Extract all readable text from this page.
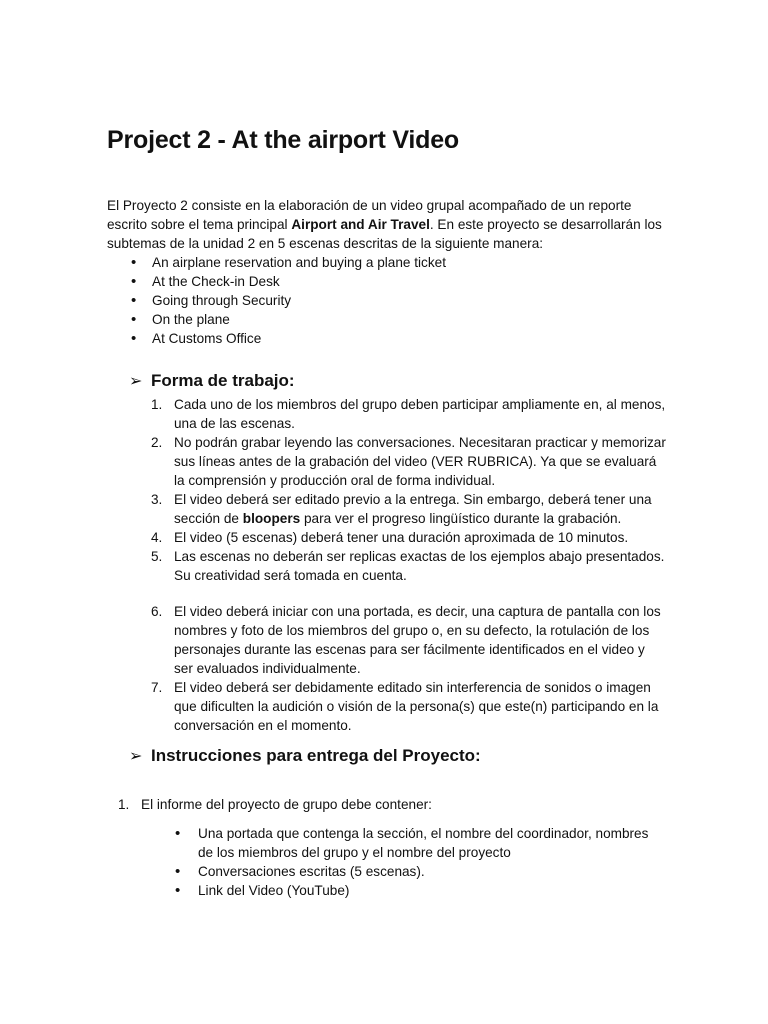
Project 2 - At the airport Video

El Proyecto 2 consiste en la elaboración de un video grupal acompañado de un reporte escrito sobre el tema principal Airport and Air Travel. En este proyecto se desarrollarán los subtemas de la unidad 2 en 5 escenas descritas de la siguiente manera:

• An airplane reservation and buying a plane ticket
• At the Check-in Desk
• Going through Security
• On the plane
• At Customs Office
➢ Forma de trabajo:
1. Cada uno de los miembros del grupo deben participar ampliamente en, al menos, una de las escenas.
2. No podrán grabar leyendo las conversaciones. Necesitaran practicar y memorizar sus líneas antes de la grabación del video (VER RUBRICA). Ya que se evaluará la comprensión y producción oral de forma individual.
3. El video deberá ser editado previo a la entrega. Sin embargo, deberá tener una sección de bloopers para ver el progreso lingüístico durante la grabación.
4. El video (5 escenas) deberá tener una duración aproximada de 10 minutos.
5. Las escenas no deberán ser replicas exactas de los ejemplos abajo presentados. Su creatividad será tomada en cuenta.
6. El video deberá iniciar con una portada, es decir, una captura de pantalla con los nombres y foto de los miembros del grupo o, en su defecto, la rotulación de los personajes durante las escenas para ser fácilmente identificados en el video y ser evaluados individualmente.
7. El video deberá ser debidamente editado sin interferencia de sonidos o imagen que dificulten la audición o visión de la persona(s) que este(n) participando en la conversación en el momento.
➢ Instrucciones para entrega del Proyecto:
1. El informe del proyecto de grupo debe contener:
• Una portada que contenga la sección, el nombre del coordinador, nombres de los miembros del grupo y el nombre del proyecto
• Conversaciones escritas (5 escenas).
• Link del Video (YouTube)
